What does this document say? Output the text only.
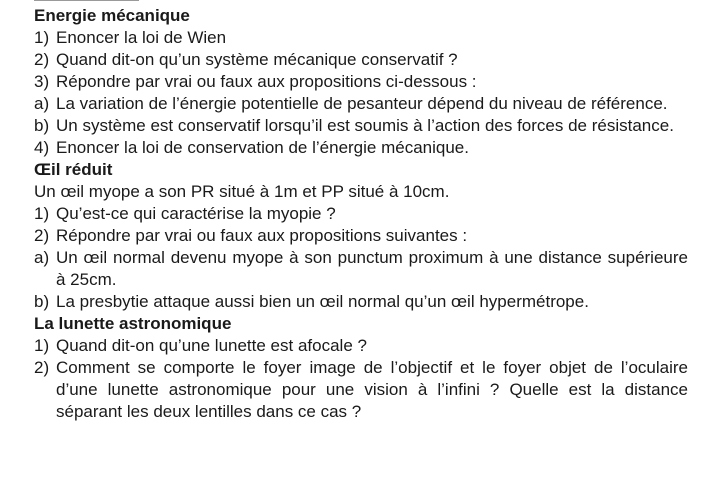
Energie mécanique
1) Enoncer la loi de Wien
2) Quand dit-on qu’un système mécanique conservatif ?
3) Répondre par vrai ou faux aux propositions ci-dessous :
a) La variation de l’énergie potentielle de pesanteur dépend du niveau de référence.
b) Un système est conservatif lorsqu’il est soumis à l’action des forces de résistance.
4) Enoncer la loi de conservation de l’énergie mécanique.
Œil réduit
Un œil myope a son PR situé à 1m et PP situé à 10cm.
1) Qu’est-ce qui caractérise la myopie ?
2) Répondre par vrai ou faux aux propositions suivantes :
a) Un œil normal devenu myope à son punctum proximum à une distance supérieure à 25cm.
b) La presbytie attaque aussi bien un œil normal qu’un œil hypermétrope.
La lunette astronomique
1) Quand dit-on qu’une lunette est afocale ?
2) Comment se comporte le foyer image de l’objectif et le foyer objet de l’oculaire d’une lunette astronomique pour une vision à l’infini ? Quelle est la distance séparant les deux lentilles dans ce cas ?
